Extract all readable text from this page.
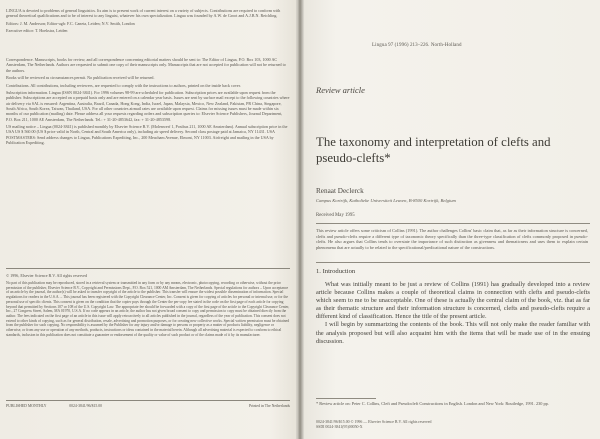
LINGUA is devoted to problems of general linguistics. Its aim is to present work of current interest on a variety of subjects. Contributions are required to conform with general theoretical qualifications and to be of interest to any linguist, whatever his own specialization. Lingua was founded by A.W. de Groot and A.J.B.N. Reichling.

Editors: J. M. Anderson; Editor-ugh: F.C. Caneta, Leiden; N.V. Smith, London

Executive editor: T. Hoekstra, Leiden

Correspondence. Manuscripts, books for review, and all correspondence concerning editorial matters should be sent to: The Editor of Lingua, P.O. Box 103, 1000 AC Amsterdam, The Netherlands. Authors are requested to submit one copy of their manuscripts only. Manuscripts that are not accepted for publication will not be returned to the authors.

Books will be reviewed as circumstances permit. No publication received will be returned.

Contributions. All contributions, including reviewers, are requested to comply with the instructions to authors, printed on the inside back cover.

Subscription information. Lingua (ISSN 0024-3841). For 1996 volumes 98-99 are scheduled for publication. Subscription prices are available upon request from the publisher. Subscriptions are accepted on a prepaid basis only and are entered on a calendar year basis. Issues are sent by surface mail except to the following countries where air delivery via SAL is ensured: Argentina, Australia, Brazil, Canada, Hong Kong, India, Israel, Japan, Malaysia, Mexico, New Zealand, Pakistan, PR China, Singapore, South Africa, South Korea, Taiwan, Thailand, USA. For all other countries airmail rates are available upon request. Claims for missing issues must be made within six months of our publication (mailing) date. Please address all your requests regarding orders and subscription queries to: Elsevier Science Publishers, Journal Department, P.O. Box 211, 1000 AE Amsterdam, The Netherlands. Tel.: + 31-20-4853642, fax: + 31-20-4853598.

US mailing notice – Lingua (0024-3841) is published monthly by Elsevier Science B.V. (Molenwerf 1, Postbus 211, 1000 AE Amsterdam). Annual subscription price in the USA US $ 560.00 (US $ price valid in North, Central and South America only), including air speed delivery. Second class postage paid at Jamaica, NY 11431. USA POSTMASTERS: Send address changes to Lingua, Publications Expediting, Inc., 200 Meacham Avenue, Elmont, NY 11003. Airfreight and mailing in the USA by Publication Expediting.

© 1996, Elsevier Science B.V. All rights reserved
No part of this publication may be reproduced, stored in a retrieval system or transmitted in any form or by any means, electronic, photocopying, recording or otherwise, without the prior permission of the publisher, Elsevier Science B.V., Copyright and Permissions Dept., P.O. Box 521, 1000 AM Amsterdam, The Netherlands. Special regulations for authors – Upon acceptance of an article by the journal, the author(s) will be asked to transfer copyright of the article to the publisher. This transfer will ensure the widest possible dissemination of information. Special regulations for readers in the U.S.A. – This journal has been registered with the Copyright Clearance Center, Inc. Consent is given for copying of articles for personal or internal use, or for the personal use of specific clients. This consent is given on the condition that the copier pays through the Center the per-copy fee stated in the code on the first page of each article for copying beyond that permitted by Sections 107 or 108 of the U.S. Copyright Law. The appropriate fee should be forwarded with a copy of the first page of the article to the Copyright Clearance Center, Inc., 27 Congress Street, Salem, MA 01970, U.S.A. If no code appears in an article, the author has not given broad consent to copy and permission to copy must be obtained directly from the author. The fees indicated on the first page of an article in this issue will apply retroactively to all articles published in the journal, regardless of the year of publication. This consent does not extend to other kinds of copying, such as for general distribution, resale, advertising and promotion purposes, or for creating new collective works. Special written permission must be obtained from the publisher for such copying. No responsibility is assumed by the Publisher for any injury and/or damage to persons or property as a matter of products liability, negligence or otherwise, or from any use or operation of any methods, products, instructions or ideas contained in the material herein. Although all advertising material is expected to conform to ethical standards, inclusion in this publication does not constitute a guarantee or endorsement of the quality or value of such product or of the claims made of it by its manufacturer.
PUBLISHED MONTHLY	0024-3841/96/$15.00	Printed in The Netherlands
Lingua 97 (1996) 213–226. North-Holland
Review article
The taxonomy and interpretation of clefts and pseudo-clefts*
Renaat Declerck
Campus Kortrijk, Katholieke Universiteit Leuven, B-8500 Kortrijk, Belgium
Received May 1995
This review article offers some criticism of Collins (1991). The author challenges Collins' basic claim that, as far as their information structure is concerned, clefts and pseudo-clefts require a different type of taxonomic theory specifically than the three-type classification of clefts commonly proposed in pseudo-clefts. He also argues that Collins tends to overstate the importance of such distinction as givenness and thematicness and uses them to explain certain phenomena that are actually to be related to the specificational/predicational nature of the constructions.
1. Introduction

What was initially meant to be just a review of Collins (1991) has gradually developed into a review article because Collins makes a couple of theoretical claims in connection with clefts and pseudo-clefts which seem to me to be unacceptable. One of these is actually the central claim of the book, viz. that as far as their thematic structure and their information structure is concerned, clefts and pseudo-clefts require a different kind of classification. Hence the title of the present article.

I will begin by summarizing the contents of the book. This will not only make the reader familiar with the analysis proposed but will also acquaint him with the items that will be made use of in the ensuing discussion.

* Review article on: Peter C. Collins, Cleft and Pseudocleft Constructions in English. London and New York: Routledge, 1991. 230 pp.
0024-3841/96/$15.00 © 1996 — Elsevier Science B.V. All rights reserved
SSDI 0024-3841(95)00050-X
